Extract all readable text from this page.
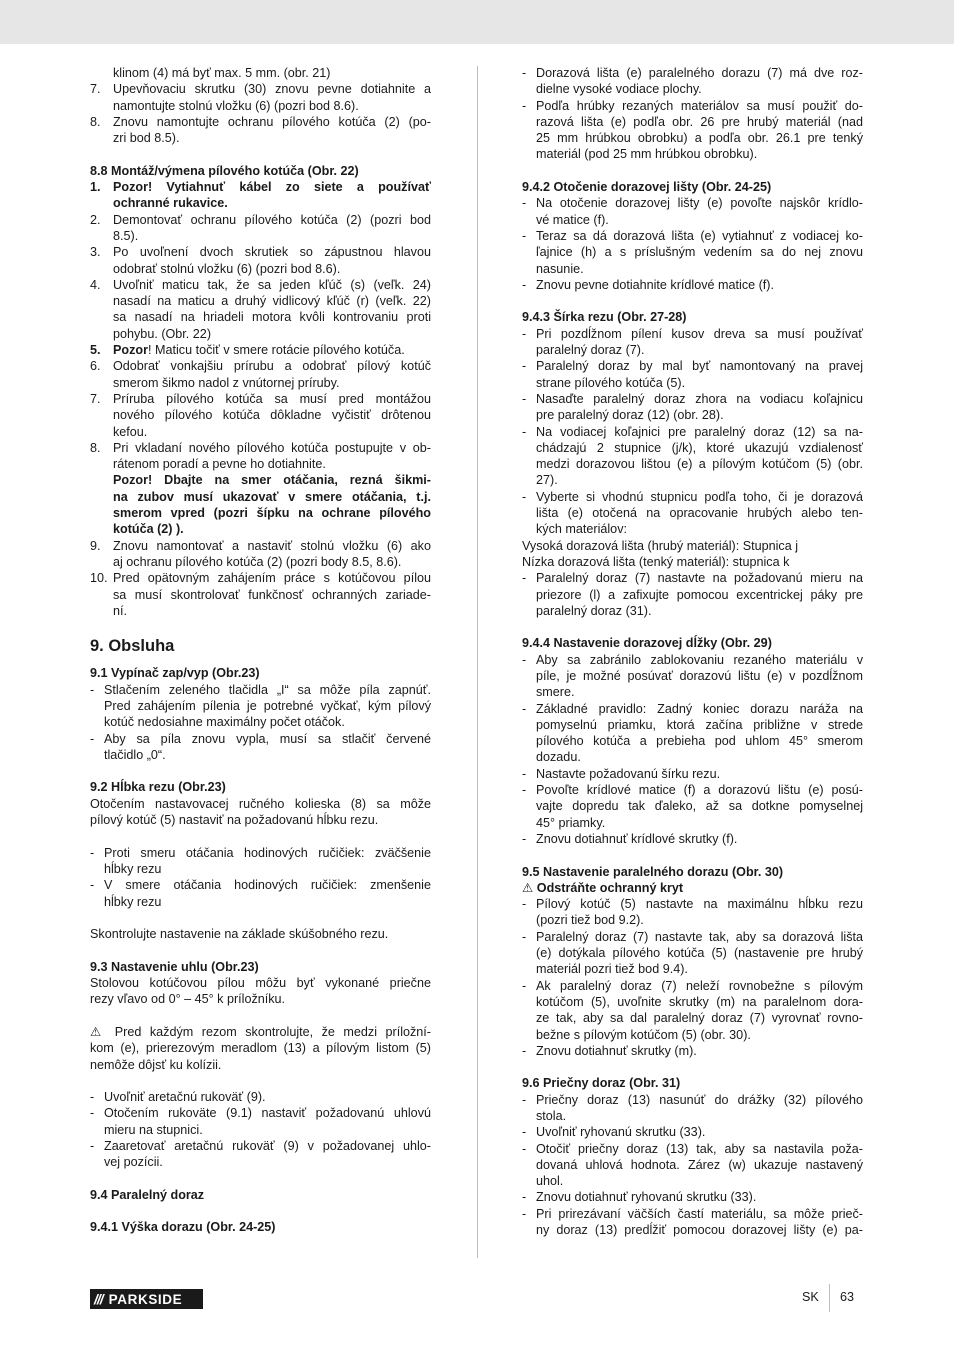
klinom (4) má byť max. 5 mm. (obr. 21)
7. Upevňovaciu skrutku (30) znovu pevne dotiahnite a
namontujte stolnú vložku (6) (pozri bod 8.6).
8. Znovu namontujte ochranu pílového kotúča (2) (po-
zri bod 8.5).
8.8 Montáž/výmena pílového kotúča (Obr. 22)
1. Pozor! Vytiahnuť kábel zo siete a používať
ochranné rukavice.
2. Demontovať ochranu pílového kotúča (2) (pozri bod
8.5).
3. Po uvoľnení dvoch skrutiek so zápustnou hlavou
odobrať stolnú vložku (6) (pozri bod 8.6).
4. Uvoľniť maticu tak, že sa jeden kľúč (s) (veľk. 24)
nasadí na maticu a druhý vidlicový kľúč (r) (veľk. 22)
sa nasadí na hriadeli motora kvôli kontrovaniu proti
pohybu. (Obr. 22)
5. Pozor! Maticu točiť v smere rotácie pílového kotúča.
6. Odobrať vonkajšiu prírubu a odobrať pílový kotúč
smerom šikmo nadol z vnútornej príruby.
7. Príruba pílového kotúča sa musí pred montážou
nového pílového kotúča dôkladne vyčistiť drôtenou
kefou.
8. Pri vkladaní nového pílového kotúča postupujte v ob-
rátenom poradí a pevne ho dotiahnite.
Pozor! Dbajte na smer otáčania, rezná šikmi-
na zubov musí ukazovať v smere otáčania, t.j.
smerom vpred (pozri šípku na ochrane pílového
kotúča (2) ).
9. Znovu namontovať a nastaviť stolnú vložku (6) ako
aj ochranu pílového kotúča (2) (pozri body 8.5, 8.6).
10. Pred opätovným zahájením práce s kotúčovou pílou
sa musí skontrolovať funkčnosť ochranných zariade-
ní.
9. Obsluha
9.1 Vypínač zap/vyp (Obr.23)
- Stlačením zeleného tlačidla „I“ sa môže píla zapnúť.
Pred zahájením pílenia je potrebné vyčkať, kým pílový
kotúč nedosiahne maximálny počet otáčok.
- Aby sa píla znovu vypla, musí sa stlačiť červené
tlačidlo „0“.
9.2 Hĺbka rezu (Obr.23)
Otočením nastavovacej ručného kolieska (8) sa môže
pílový kotúč (5) nastaviť na požadovanú hĺbku rezu.
- Proti smeru otáčania hodinových ručičiek: zväčšenie
hĺbky rezu
- V smere otáčania hodinových ručičiek: zmenšenie
hĺbky rezu
Skontrolujte nastavenie na základe skúšobného rezu.
9.3 Nastavenie uhlu (Obr.23)
Stolovou kotúčovou pílou môžu byť vykonané priečne
rezy vľavo od 0° – 45° k príložníku.
⚠ Pred každým rezom skontrolujte, že medzi príložní-
kom (e), prierezovým meradlom (13) a pílovým listom (5)
nemôže dôjsť ku kolízii.
- Uvoľniť aretačnú rukoväť (9).
- Otočením rukoväte (9.1) nastaviť požadovanú uhlovú
mieru na stupnici.
- Zaaretovať aretačnú rukoväť (9) v požadovanej uhlo-
vej pozícii.
9.4 Paralelný doraz
9.4.1 Výška dorazu (Obr. 24-25)
- Dorazová lišta (e) paralelného dorazu (7) má dve roz-
dielne vysoké vodiace plochy.
- Podľa hrúbky rezaných materiálov sa musí použiť do-
razová lišta (e) podľa obr. 26 pre hrubý materiál (nad
25 mm hrúbkou obrobku) a podľa obr. 26.1 pre tenký
materiál (pod 25 mm hrúbkou obrobku).
9.4.2 Otočenie dorazovej lišty (Obr. 24-25)
- Na otočenie dorazovej lišty (e) povoľte najskôr krídlo-
vé matice (f).
- Teraz sa dá dorazová lišta (e) vytiahnuť z vodiacej ko-
ľajnice (h) a s príslušným vedením sa do nej znovu
nasunie.
- Znovu pevne dotiahnite krídlové matice (f).
9.4.3 Šírka rezu (Obr. 27-28)
- Pri pozdĺžnom pílení kusov dreva sa musí používať
paralelný doraz (7).
- Paralelný doraz by mal byť namontovaný na pravej
strane pílového kotúča (5).
- Nasaďte paralelný doraz zhora na vodiacu koľajnicu
pre paralelný doraz (12) (obr. 28).
- Na vodiacej koľajnici pre paralelný doraz (12) sa na-
chádzajú 2 stupnice (j/k), ktoré ukazujú vzdialenosť
medzi dorazovou lištou (e) a pílovým kotúčom (5) (obr.
27).
- Vyberte si vhodnú stupnicu podľa toho, či je dorazová
lišta (e) otočená na opracovanie hrubých alebo ten-
kých materiálov:
Vysoká dorazová lišta (hrubý materiál): Stupnica j
Nízka dorazová lišta (tenký materiál): stupnica k
- Paralelný doraz (7) nastavte na požadovanú mieru na
priezore (l) a zafixujte pomocou excentrickej páky pre
paralelný doraz (31).
9.4.4 Nastavenie dorazovej dĺžky (Obr. 29)
- Aby sa zabránilo zablokovaniu rezaného materiálu v
píle, je možné posúvať dorazovú lištu (e) v pozdĺžnom
smere.
- Základné pravidlo: Zadný koniec dorazu naráža na
pomyselnú priamku, ktorá začína približne v strede
pílového kotúča a prebieha pod uhlom 45° smerom
dozadu.
- Nastavte požadovanú šírku rezu.
- Povoľte krídlové matice (f) a dorazovú lištu (e) posú-
vajte dopredu tak ďaleko, až sa dotkne pomyselnej
45° priamky.
- Znovu dotiahnuť krídlové skrutky (f).
9.5 Nastavenie paralelného dorazu (Obr. 30)
⚠ Odstráňte ochranný kryt
- Pílový kotúč (5) nastavte na maximálnu hĺbku rezu
(pozri tiež bod 9.2).
- Paralelný doraz (7) nastavte tak, aby sa dorazová lišta
(e) dotýkala pílového kotúča (5) (nastavenie pre hrubý
materiál pozri tiež bod 9.4).
- Ak paralelný doraz (7) neleží rovnobežne s pílovým
kotúčom (5), uvoľnite skrutky (m) na paralelnom dora-
ze tak, aby sa dal paralelný doraz (7) vyrovnať rovno-
bežne s pílovým kotúčom (5) (obr. 30).
- Znovu dotiahnuť skrutky (m).
9.6 Priečny doraz (Obr. 31)
- Priečny doraz (13) nasunúť do drážky (32) pílového
stola.
- Uvoľniť ryhovanú skrutku (33).
- Otočiť priečny doraz (13) tak, aby sa nastavila poža-
dovaná uhlová hodnota. Zárez (w) ukazuje nastavený
uhol.
- Znovu dotiahnuť ryhovanú skrutku (33).
- Pri prirezávaní väčších častí materiálu, sa môže prieč-
ny doraz (13) predĺžiť pomocou dorazovej lišty (e) pa-
/// PARKSIDE	SK 63
